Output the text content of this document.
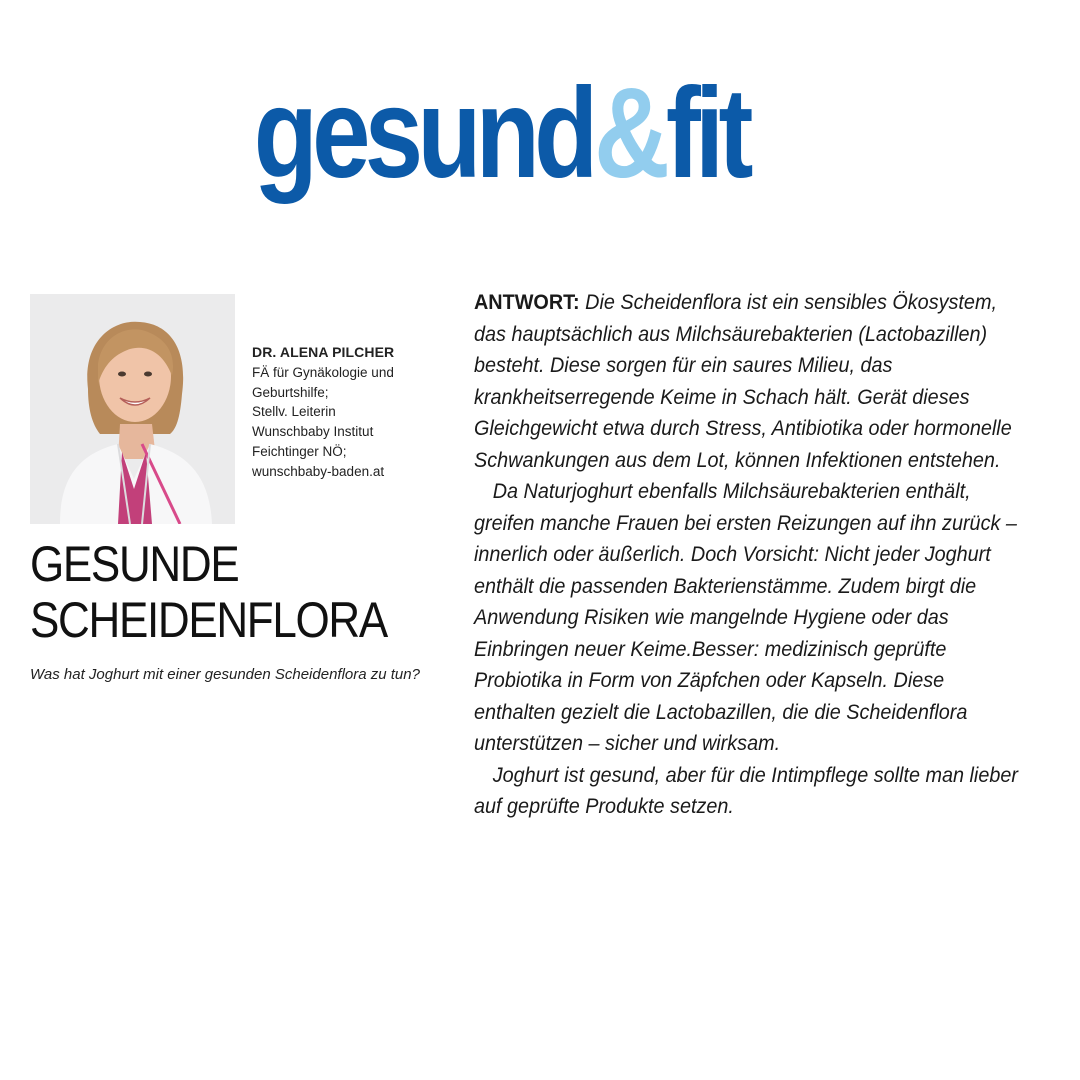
gesund & fit
DR. ALENA PILCHER
FÄ für Gynäkologie und
Geburtshilfe;
Stellv. Leiterin
Wunschbaby Institut
Feichtinger NÖ;
wunschbaby-baden.at
GESUNDE
SCHEIDENFLORA
Was hat Joghurt mit einer gesunden Scheidenflora zu tun?

ANTWORT: Die Scheidenflora ist ein sensibles Ökosystem, das hauptsächlich aus Milchsäurebakterien (Lactobazillen) besteht. Diese sorgen für ein saures Milieu, das krankheitserregende Keime in Schach hält. Gerät dieses Gleichgewicht etwa durch Stress, Antibiotika oder hormonelle Schwankungen aus dem Lot, können Infektionen entstehen.

Da Naturjoghurt ebenfalls Milchsäurebakterien enthält, greifen manche Frauen bei ersten Reizungen auf ihn zurück – innerlich oder äußerlich. Doch Vorsicht: Nicht jeder Joghurt enthält die passenden Bakterienstämme. Zudem birgt die Anwendung Risiken wie mangelnde Hygiene oder das Einbringen neuer Keime.Besser: medizinisch geprüfte Probiotika in Form von Zäpfchen oder Kapseln. Diese enthalten gezielt die Lactobazillen, die die Scheidenflora unterstützen – sicher und wirksam.

Joghurt ist gesund, aber für die Intimpflege sollte man lieber auf geprüfte Produkte setzen.
